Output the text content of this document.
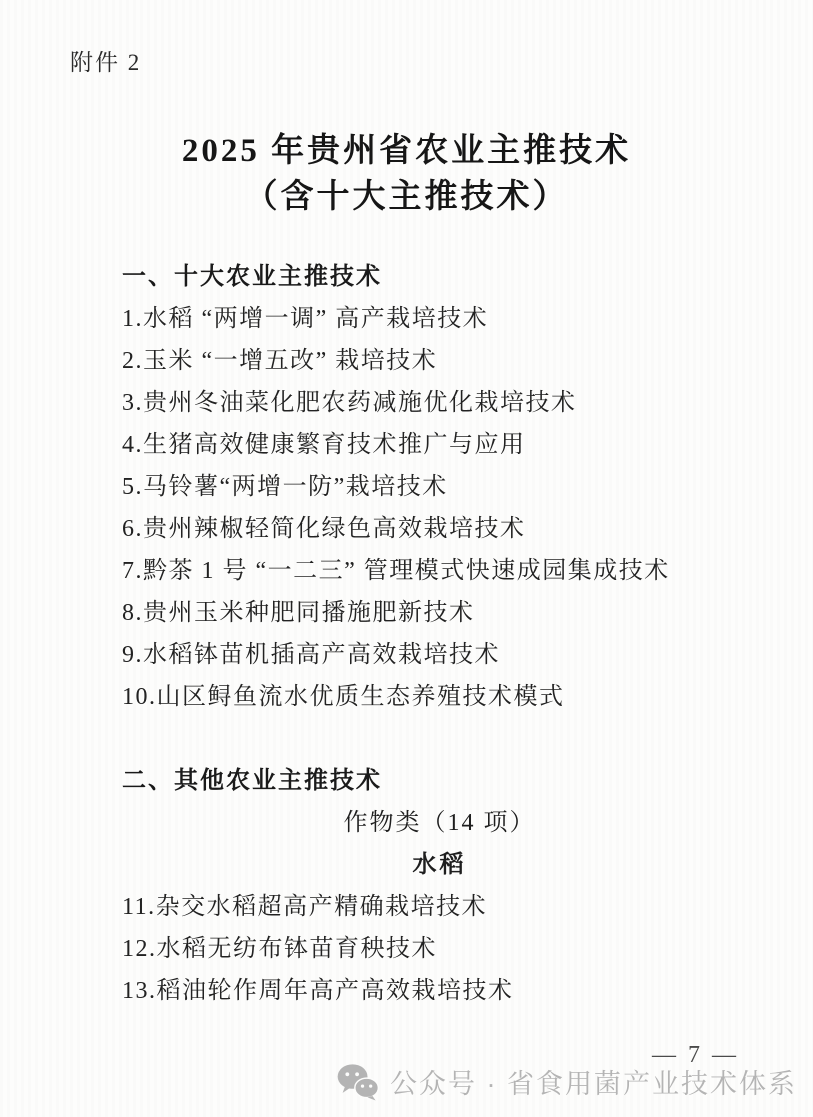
附件 2
2025 年贵州省农业主推技术
（含十大主推技术）
一、十大农业主推技术
1.水稻 “两增一调” 高产栽培技术
2.玉米 “一增五改” 栽培技术
3.贵州冬油菜化肥农药减施优化栽培技术
4.生猪高效健康繁育技术推广与应用
5.马铃薯“两增一防”栽培技术
6.贵州辣椒轻简化绿色高效栽培技术
7.黔茶 1 号 “一二三” 管理模式快速成园集成技术
8.贵州玉米种肥同播施肥新技术
9.水稻钵苗机插高产高效栽培技术
10.山区鲟鱼流水优质生态养殖技术模式
二、其他农业主推技术
作物类（14 项）
水稻
11.杂交水稻超高产精确栽培技术
12.水稻无纺布钵苗育秧技术
13.稻油轮作周年高产高效栽培技术
— 7 —
公众号 · 省食用菌产业技术体系
